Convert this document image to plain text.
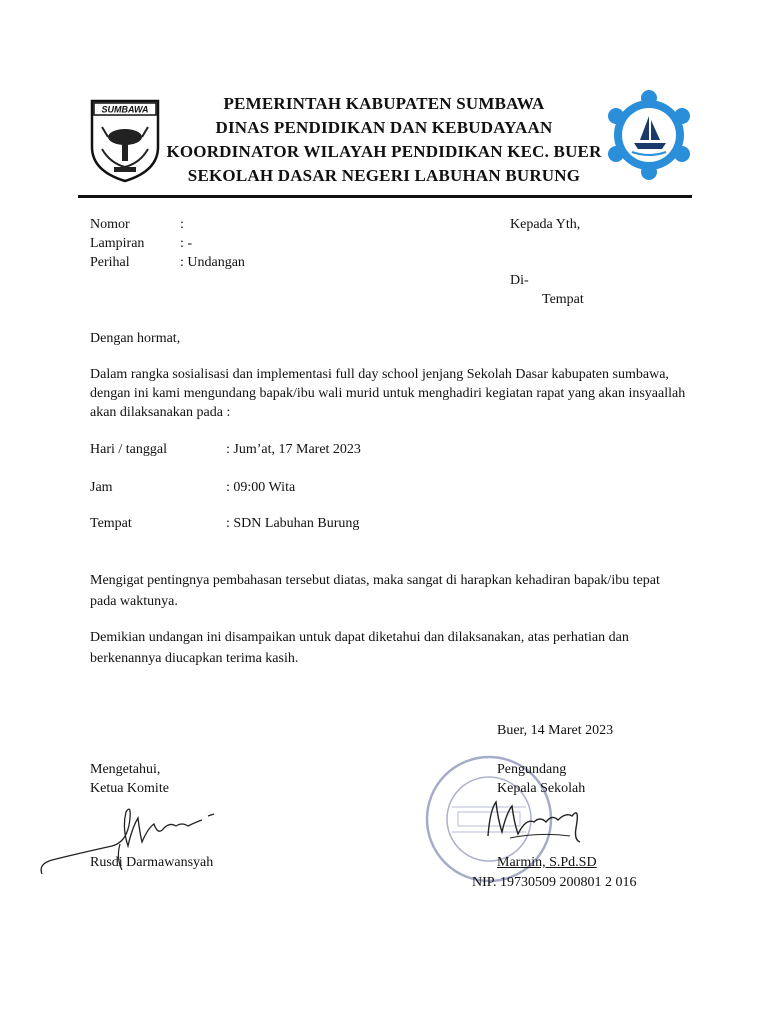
SUMBAWA	PEMERINTAH KABUPATEN SUMBAWA
DINAS PENDIDIKAN DAN KEBUDAYAAN
KOORDINATOR WILAYAH PENDIDIKAN KEC. BUER
SEKOLAH DASAR NEGERI LABUHAN BURUNG
Nomor	:
Lampiran	: -
Perihal	: Undangan
Kepada Yth,
Di-
Tempat
Dengan hormat,
Dalam rangka sosialisasi dan implementasi full day school jenjang Sekolah Dasar kabupaten sumbawa,
dengan ini kami mengundang bapak/ibu wali murid untuk menghadiri kegiatan rapat yang akan insyaallah
akan dilaksanakan pada :
Hari / tanggal	: Jum’at, 17 Maret 2023
Jam	: 09:00 Wita
Tempat	: SDN Labuhan Burung
Mengigat pentingnya pembahasan tersebut diatas, maka sangat di harapkan kehadiran bapak/ibu tepat
pada waktunya.
Demikian undangan ini disampaikan untuk dapat diketahui dan dilaksanakan, atas perhatian dan
berkenannya diucapkan terima kasih.
Buer, 14 Maret 2023
Mengetahui,
Ketua Komite
Pengundang
Kepala Sekolah
Rusdi Darmawansyah	Marmin, S.Pd.SD
NIP. 19730509 200801 2 016
